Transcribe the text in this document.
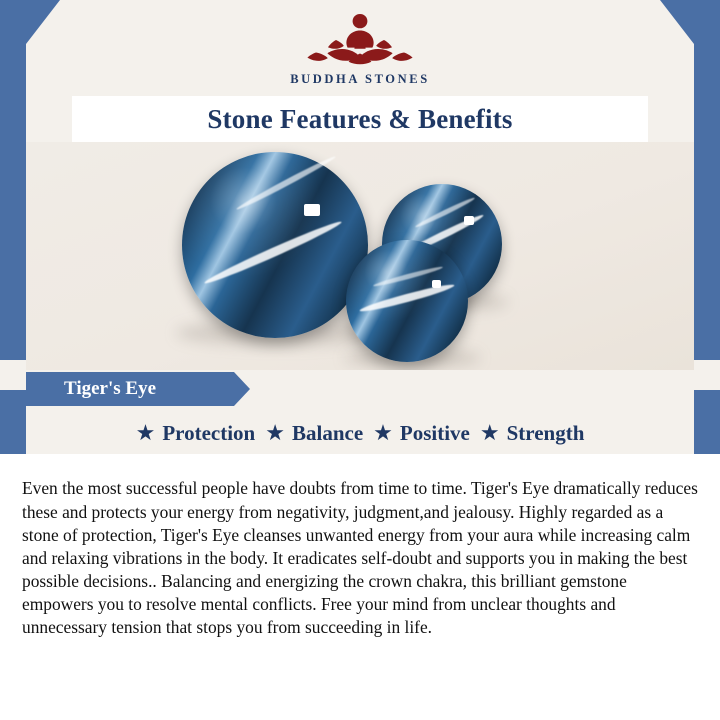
BUDDHA STONES
Stone Features & Benefits
Tiger's Eye
★ Protection ★ Balance ★ Positive ★ Strength

Even the most successful people have doubts from time to time. Tiger's Eye dramatically reduces these and protects your energy from negativity, judgment,and jealousy. Highly regarded as a stone of protection, Tiger's Eye cleanses unwanted energy from your aura while increasing calm and relaxing vibrations in the body. It eradicates self-doubt and supports you in making the best possible decisions.. Balancing and energizing the crown chakra, this brilliant gemstone empowers you to resolve mental conflicts. Free your mind from unclear thoughts and unnecessary tension that stops you from succeeding in life.
